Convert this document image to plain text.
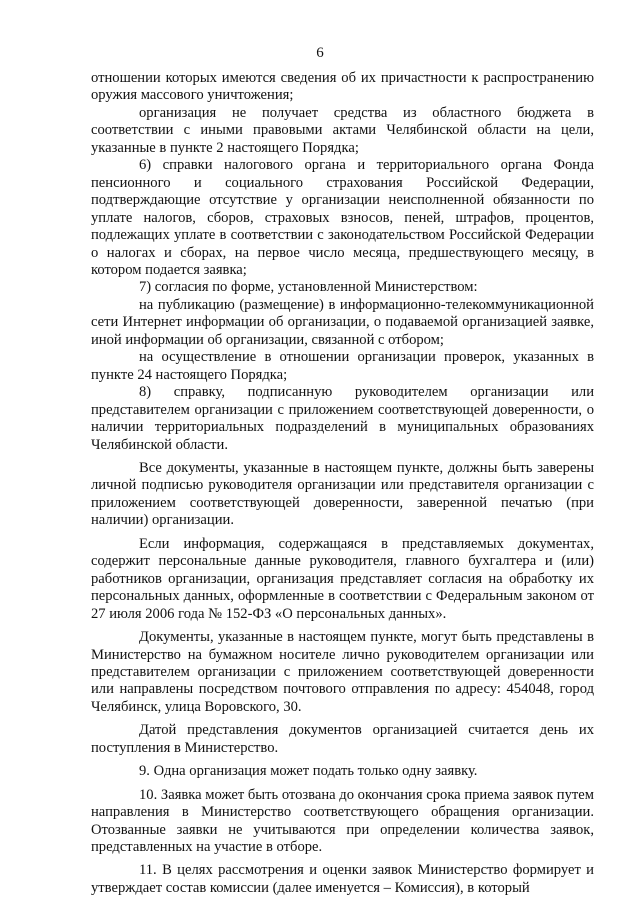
6

отношении которых имеются сведения об их причастности к распространению оружия массового уничтожения;

организация не получает средства из областного бюджета в соответствии с иными правовыми актами Челябинской области на цели, указанные в пункте 2 настоящего Порядка;

6) справки налогового органа и территориального органа Фонда пенсионного и социального страхования Российской Федерации, подтверждающие отсутствие у организации неисполненной обязанности по уплате налогов, сборов, страховых взносов, пеней, штрафов, процентов, подлежащих уплате в соответствии с законодательством Российской Федерации о налогах и сборах, на первое число месяца, предшествующего месяцу, в котором подается заявка;

7) согласия по форме, установленной Министерством:

на публикацию (размещение) в информационно-телекоммуникационной сети Интернет информации об организации, о подаваемой организацией заявке, иной информации об организации, связанной с отбором;

на осуществление в отношении организации проверок, указанных в пункте 24 настоящего Порядка;

8) справку, подписанную руководителем организации или представителем организации с приложением соответствующей доверенности, о наличии территориальных подразделений в муниципальных образованиях Челябинской области.

Все документы, указанные в настоящем пункте, должны быть заверены личной подписью руководителя организации или представителя организации с приложением соответствующей доверенности, заверенной печатью (при наличии) организации.

Если информация, содержащаяся в представляемых документах, содержит персональные данные руководителя, главного бухгалтера и (или) работников организации, организация представляет согласия на обработку их персональных данных, оформленные в соответствии с Федеральным законом от 27 июля 2006 года № 152-ФЗ «О персональных данных».

Документы, указанные в настоящем пункте, могут быть представлены в Министерство на бумажном носителе лично руководителем организации или представителем организации с приложением соответствующей доверенности или направлены посредством почтового отправления по адресу: 454048, город Челябинск, улица Воровского, 30.

Датой представления документов организацией считается день их поступления в Министерство.

9. Одна организация может подать только одну заявку.

10. Заявка может быть отозвана до окончания срока приема заявок путем направления в Министерство соответствующего обращения организации. Отозванные заявки не учитываются при определении количества заявок, представленных на участие в отборе.

11. В целях рассмотрения и оценки заявок Министерство формирует и утверждает состав комиссии (далее именуется – Комиссия), в который
